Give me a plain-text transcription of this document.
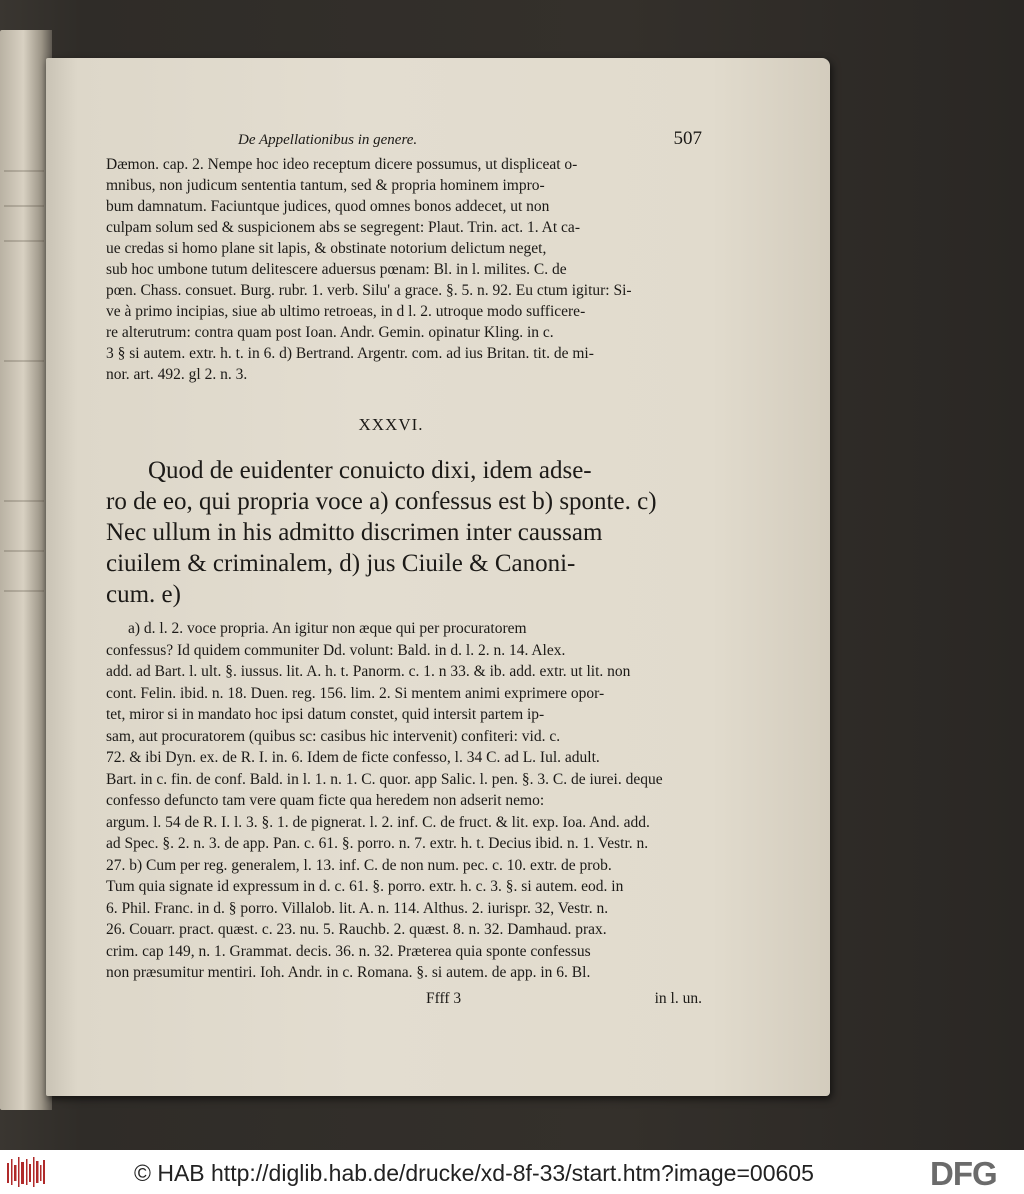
De Appellationibus in genere.	507
Dæmon. cap. 2. Nempe hoc ideo receptum dicere possumus, ut displiceat o-
mnibus, non judicum sententia tantum, sed & propria hominem impro-
bum damnatum. Faciuntque judices, quod omnes bonos addecet, ut non
culpam solum sed & suspicionem abs se segregent: Plaut. Trin. act. 1. At ca-
ue credas si homo plane sit lapis, & obstinate notorium delictum neget,
sub hoc umbone tutum delitescere aduersus pœnam: Bl. in l. milites. C. de
pœn. Chass. consuet. Burg. rubr. 1. verb. Silu' a grace. §. 5. n. 92. Eu ctum igitur: Si-
ve à primo incipias, siue ab ultimo retroeas, in d l. 2. utroque modo sufficere-
re alterutrum: contra quam post Ioan. Andr. Gemin. opinatur Kling. in c.
3 § si autem. extr. h. t. in 6. d) Bertrand. Argentr. com. ad ius Britan. tit. de mi-
nor. art. 492. gl 2. n. 3.
XXXVI.
Quod de euidenter conuicto dixi, idem adse-
ro de eo, qui propria voce a) confessus est b) sponte. c)
Nec ullum in his admitto discrimen inter caussam
ciuilem & criminalem, d) jus Ciuile & Canoni-
cum. e)
a) d. l. 2. voce propria. An igitur non æque qui per procuratorem
confessus? Id quidem communiter Dd. volunt: Bald. in d. l. 2. n. 14. Alex.
add. ad Bart. l. ult. §. iussus. lit. A. h. t. Panorm. c. 1. n 33. & ib. add. extr. ut lit. non
cont. Felin. ibid. n. 18. Duen. reg. 156. lim. 2. Si mentem animi exprimere opor-
tet, miror si in mandato hoc ipsi datum constet, quid intersit partem ip-
sam, aut procuratorem (quibus sc: casibus hic intervenit) confiteri: vid. c.
72. & ibi Dyn. ex. de R. I. in. 6. Idem de ficte confesso, l. 34 C. ad L. Iul. adult.
Bart. in c. fin. de conf. Bald. in l. 1. n. 1. C. quor. app Salic. l. pen. §. 3. C. de iurei. deque
confesso defuncto tam vere quam ficte qua heredem non adserit nemo:
argum. l. 54 de R. I. l. 3. §. 1. de pignerat. l. 2. inf. C. de fruct. & lit. exp. Ioa. And. add.
ad Spec. §. 2. n. 3. de app. Pan. c. 61. §. porro. n. 7. extr. h. t. Decius ibid. n. 1. Vestr. n.
27. b) Cum per reg. generalem, l. 13. inf. C. de non num. pec. c. 10. extr. de prob.
Tum quia signate id expressum in d. c. 61. §. porro. extr. h. c. 3. §. si autem. eod. in
6. Phil. Franc. in d. § porro. Villalob. lit. A. n. 114. Althus. 2. iurispr. 32, Vestr. n.
26. Couarr. pract. quæst. c. 23. nu. 5. Rauchb. 2. quæst. 8. n. 32. Damhaud. prax.
crim. cap 149, n. 1. Grammat. decis. 36. n. 32. Præterea quia sponte confessus
non præsumitur mentiri. Ioh. Andr. in c. Romana. §. si autem. de app. in 6. Bl.
Ffff 3	in l. un.
© HAB http://diglib.hab.de/drucke/xd-8f-33/start.htm?image=00605	DFG
